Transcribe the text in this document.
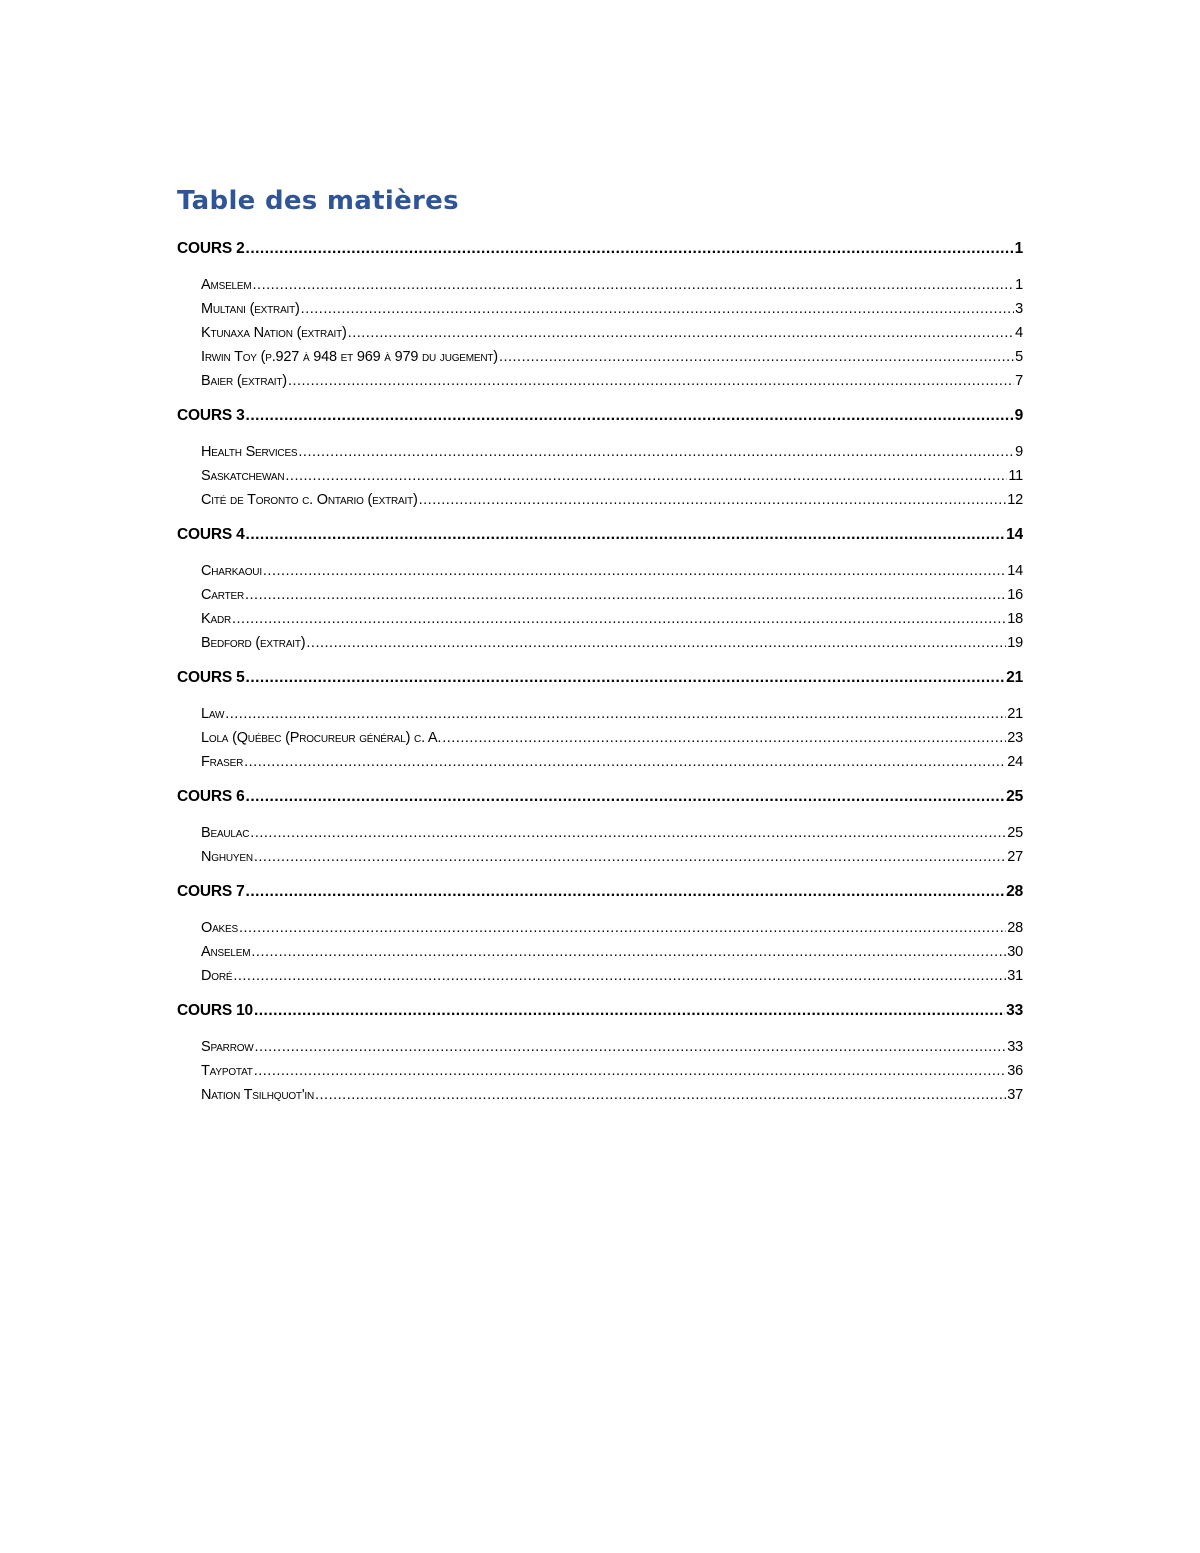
Table des matières
COURS 2 .....	1
Amselem .....	1
Multani (extrait) .....	3
Ktunaxa Nation (extrait) .....	4
Irwin Toy (p.927 à 948 et 969 à 979 du jugement) .....	5
Baier (extrait) .....	7
COURS 3 .....	9
Health Services .....	9
Saskatchewan .....	11
Cité de Toronto c. Ontario (extrait) .....	12
COURS 4 .....	14
Charkaoui .....	14
Carter .....	16
Kadr .....	18
Bedford (extrait) .....	19
COURS 5 .....	21
Law .....	21
Lola (Québec (Procureur général) c. A. .....	23
Fraser .....	24
COURS 6 .....	25
Beaulac .....	25
Nghuyen .....	27
COURS 7 .....	28
Oakes .....	28
Anselem .....	30
Doré .....	31
COURS 10 .....	33
Sparrow .....	33
Taypotat .....	36
Nation Tsilhquot'in .....	37
